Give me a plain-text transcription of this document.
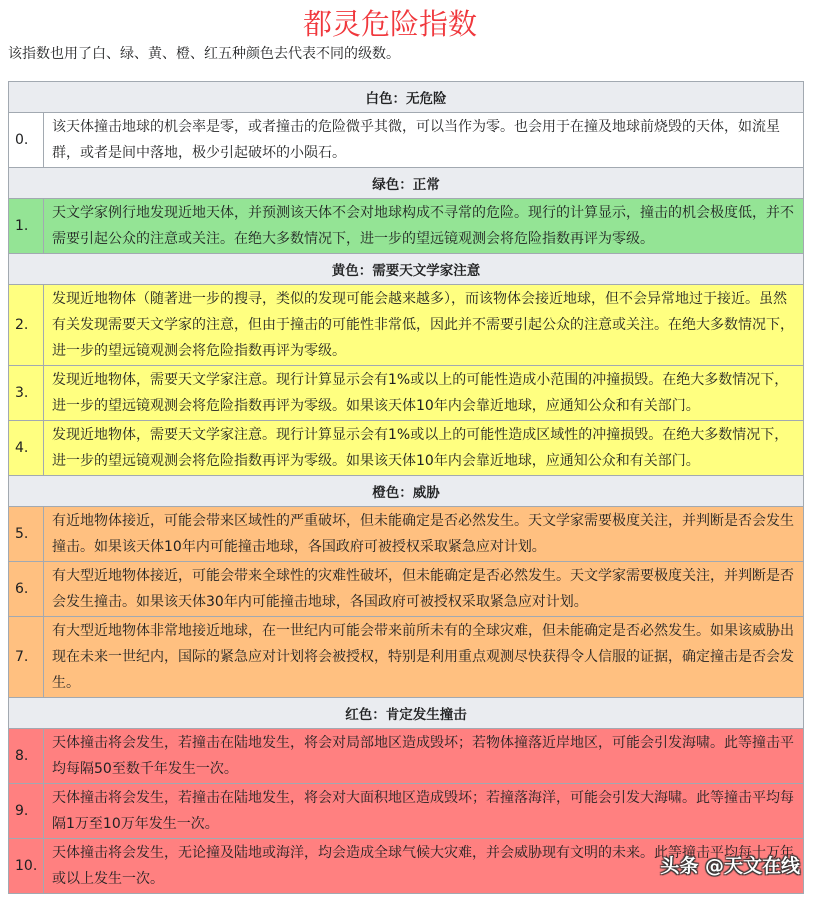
都灵危险指数
该指数也用了白、绿、黄、橙、红五种颜色去代表不同的级数。
白色：无危险	
0.	该天体撞击地球的机会率是零，或者撞击的危险微乎其微，可以当作为零。也会用于在撞及地球前烧毁的天体，如流星群，或者是间中落地，极少引起破坏的小陨石。
绿色：正常	
1.	天文学家例行地发现近地天体，并预测该天体不会对地球构成不寻常的危险。现行的计算显示，撞击的机会极度低，并不需要引起公众的注意或关注。在绝大多数情况下，进一步的望远镜观测会将危险指数再评为零级。
黄色：需要天文学家注意	
2.	发现近地物体（随著进一步的搜寻，类似的发现可能会越来越多），而该物体会接近地球，但不会异常地过于接近。虽然有关发现需要天文学家的注意，但由于撞击的可能性非常低，因此并不需要引起公众的注意或关注。在绝大多数情况下，进一步的望远镜观测会将危险指数再评为零级。
3.	发现近地物体，需要天文学家注意。现行计算显示会有1%或以上的可能性造成小范围的冲撞损毁。在绝大多数情况下，进一步的望远镜观测会将危险指数再评为零级。如果该天体10年内会靠近地球，应通知公众和有关部门。
4.	发现近地物体，需要天文学家注意。现行计算显示会有1%或以上的可能性造成区域性的冲撞损毁。在绝大多数情况下，进一步的望远镜观测会将危险指数再评为零级。如果该天体10年内会靠近地球，应通知公众和有关部门。
橙色：威胁	
5.	有近地物体接近，可能会带来区域性的严重破坏，但未能确定是否必然发生。天文学家需要极度关注，并判断是否会发生撞击。如果该天体10年内可能撞击地球，各国政府可被授权采取紧急应对计划。
6.	有大型近地物体接近，可能会带来全球性的灾难性破坏，但未能确定是否必然发生。天文学家需要极度关注，并判断是否会发生撞击。如果该天体30年内可能撞击地球，各国政府可被授权采取紧急应对计划。
7.	有大型近地物体非常地接近地球，在一世纪内可能会带来前所未有的全球灾难，但未能确定是否必然发生。如果该威胁出现在未来一世纪内，国际的紧急应对计划将会被授权，特别是利用重点观测尽快获得令人信服的证据，确定撞击是否会发生。
红色：肯定发生撞击	
8.	天体撞击将会发生，若撞击在陆地发生，将会对局部地区造成毁坏；若物体撞落近岸地区，可能会引发海啸。此等撞击平均每隔50至数千年发生一次。
9.	天体撞击将会发生，若撞击在陆地发生，将会对大面积地区造成毁坏；若撞落海洋，可能会引发大海啸。此等撞击平均每隔1万至10万年发生一次。
10.	天体撞击将会发生，无论撞及陆地或海洋，均会造成全球气候大灾难，并会威胁现有文明的未来。此等撞击平均每十万年或以上发生一次。
头条 @天文在线
